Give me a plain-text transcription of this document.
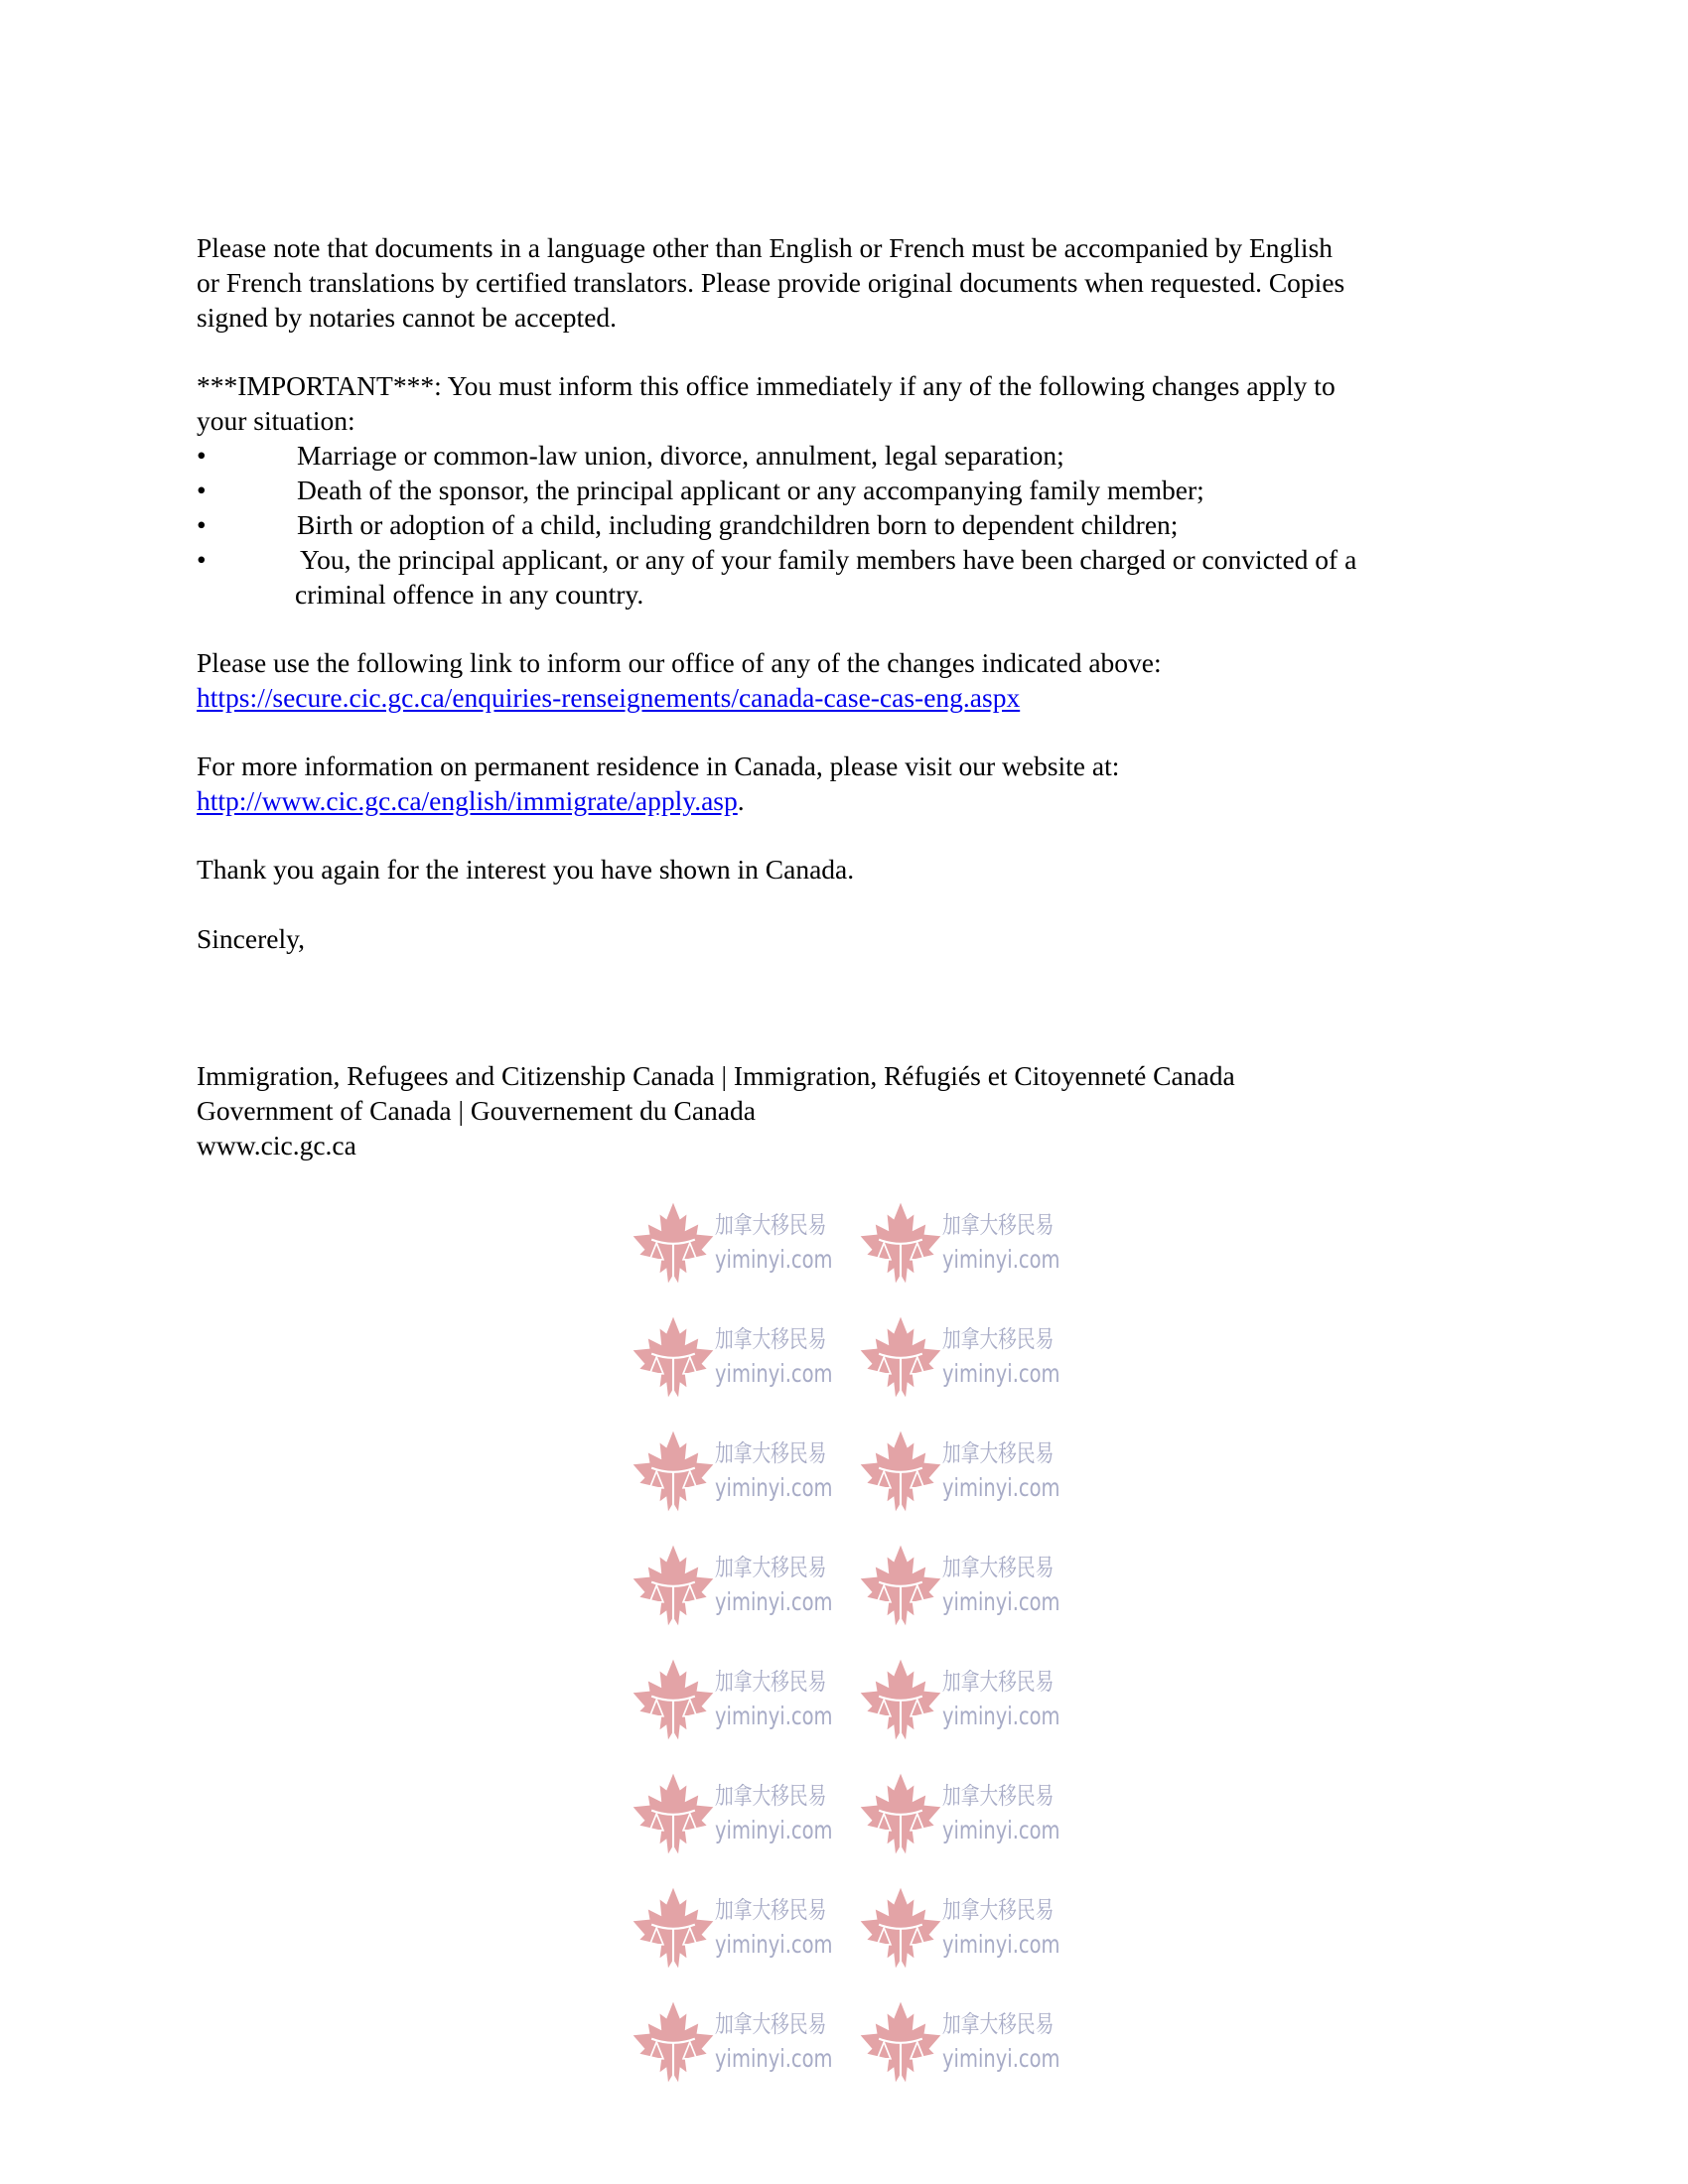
加拿大移民易
yiminyi.com
加拿大移民易
yiminyi.com
加拿大移民易
yiminyi.com
加拿大移民易
yiminyi.com
加拿大移民易
yiminyi.com
加拿大移民易
yiminyi.com
加拿大移民易
yiminyi.com
加拿大移民易
yiminyi.com
加拿大移民易
yiminyi.com
加拿大移民易
yiminyi.com
加拿大移民易
yiminyi.com
加拿大移民易
yiminyi.com
加拿大移民易
yiminyi.com
加拿大移民易
yiminyi.com
加拿大移民易
yiminyi.com
加拿大移民易
yiminyi.com
Please note that documents in a language other than English or French must be accompanied by English
or French translations by certified translators. Please provide original documents when requested. Copies
signed by notaries cannot be accepted.
***IMPORTANT***: You must inform this office immediately if any of the following changes apply to
your situation:
•	Marriage or common-law union, divorce, annulment, legal separation;
•	Death of the sponsor, the principal applicant or any accompanying family member;
•	Birth or adoption of a child, including grandchildren born to dependent children;
•	You, the principal applicant, or any of your family members have been charged or convicted of a
criminal offence in any country.
Please use the following link to inform our office of any of the changes indicated above:
https://secure.cic.gc.ca/enquiries-renseignements/canada-case-cas-eng.aspx
For more information on permanent residence in Canada, please visit our website at:
http://www.cic.gc.ca/english/immigrate/apply.asp.
Thank you again for the interest you have shown in Canada.
Sincerely,
Immigration, Refugees and Citizenship Canada | Immigration, Réfugiés et Citoyenneté Canada
Government of Canada | Gouvernement du Canada
www.cic.gc.ca
